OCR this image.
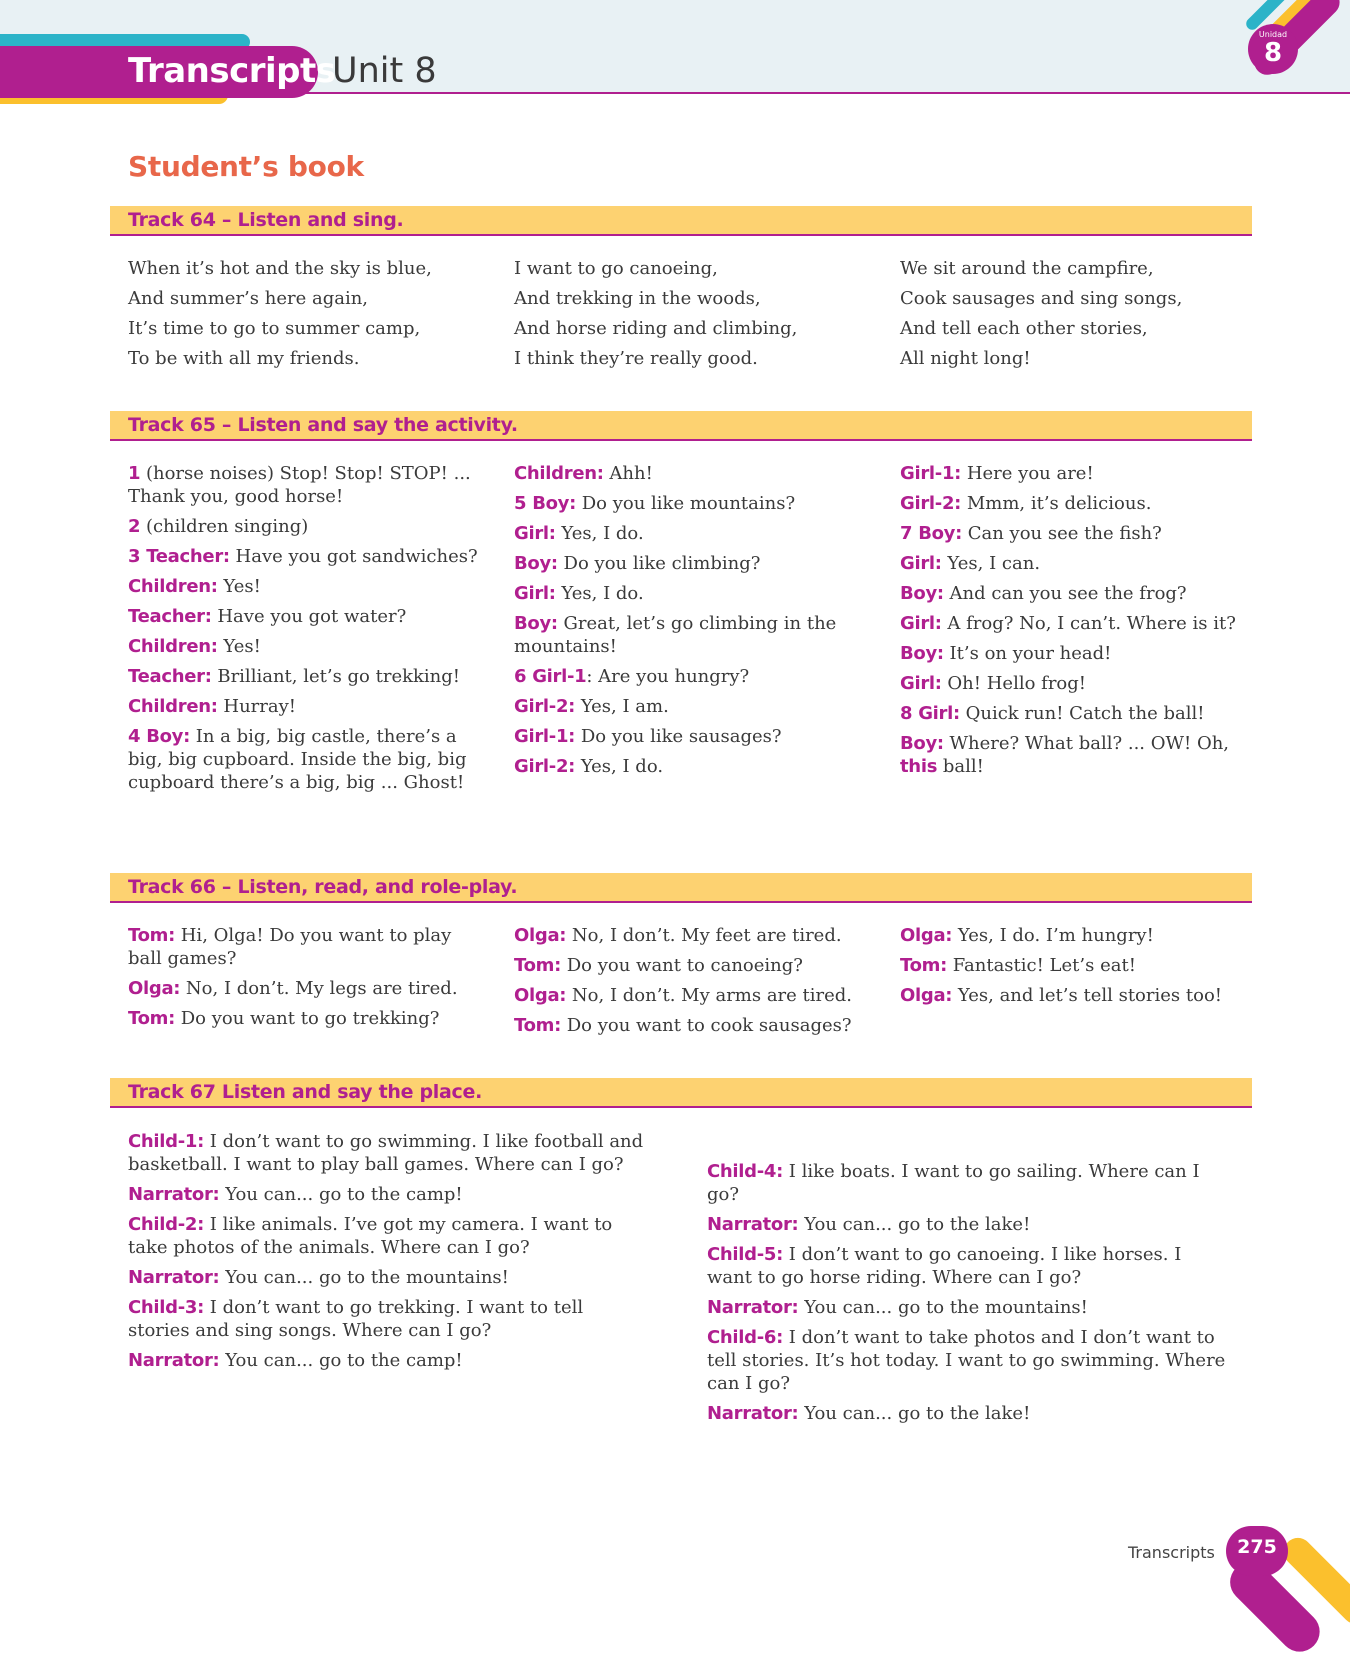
Transcripts
Unit 8
Unidad
8
Student’s book
Track 64 – Listen and sing.

When it’s hot and the sky is blue,

And summer’s here again,

It’s time to go to summer camp,

To be with all my friends.

I want to go canoeing,

And trekking in the woods,

And horse riding and climbing,

I think they’re really good.

We sit around the campfire,

Cook sausages and sing songs,

And tell each other stories,

All night long!

Track 65 – Listen and say the activity.

1 (horse noises) Stop! Stop! STOP! ... Thank you, good horse!

2 (children singing)

3 Teacher: Have you got sandwiches?

Children: Yes!

Teacher: Have you got water?

Children: Yes!

Teacher: Brilliant, let’s go trekking!

Children: Hurray!

4 Boy: In a big, big castle, there’s a big, big cupboard. Inside the big, big cupboard there’s a big, big ... Ghost!

Children: Ahh!

5 Boy: Do you like mountains?

Girl: Yes, I do.

Boy: Do you like climbing?

Girl: Yes, I do.

Boy: Great, let’s go climbing in the mountains!

6 Girl-1: Are you hungry?

Girl-2: Yes, I am.

Girl-1: Do you like sausages?

Girl-2: Yes, I do.

Girl-1: Here you are!

Girl-2: Mmm, it’s delicious.

7 Boy: Can you see the fish?

Girl: Yes, I can.

Boy: And can you see the frog?

Girl: A frog? No, I can’t. Where is it?

Boy: It’s on your head!

Girl: Oh! Hello frog!

8 Girl: Quick run! Catch the ball!

Boy: Where? What ball? ... OW! Oh,

this ball!

Track 66 – Listen, read, and role-play.

Tom: Hi, Olga! Do you want to play ball games?

Olga: No, I don’t. My legs are tired.

Tom: Do you want to go trekking?

Olga: No, I don’t. My feet are tired.

Tom: Do you want to canoeing?

Olga: No, I don’t. My arms are tired.

Tom: Do you want to cook sausages?

Olga: Yes, I do. I’m hungry!

Tom: Fantastic! Let’s eat!

Olga: Yes, and let’s tell stories too!

Track 67 Listen and say the place.

Child-1: I don’t want to go swimming. I like football and basketball. I want to play ball games. Where can I go?

Narrator: You can... go to the camp!

Child-2: I like animals. I’ve got my camera. I want to take photos of the animals. Where can I go?

Narrator: You can... go to the mountains!

Child-3: I don’t want to go trekking. I want to tell stories and sing songs. Where can I go?

Narrator: You can... go to the camp!

Child-4: I like boats. I want to go sailing. Where can I go?

Narrator: You can... go to the lake!

Child-5: I don’t want to go canoeing. I like horses. I want to go horse riding. Where can I go?

Narrator: You can... go to the mountains!

Child-6: I don’t want to take photos and I don’t want to tell stories. It’s hot today. I want to go swimming. Where can I go?

Narrator: You can... go to the lake!

Transcripts	275
